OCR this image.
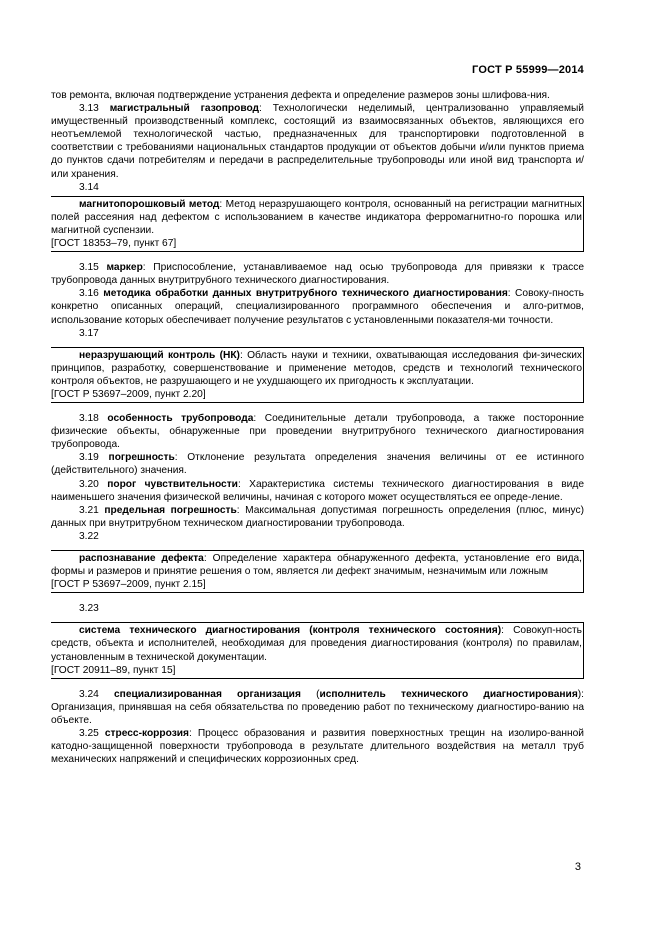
ГОСТ Р 55999—2014

тов ремонта, включая подтверждение устранения дефекта и определение размеров зоны шлифова-ния.

3.13 магистральный газопровод: Технологически неделимый, централизованно управляемый имущественный производственный комплекс, состоящий из взаимосвязанных объектов, являющихся его неотъемлемой технологической частью, предназначенных для транспортировки подготовленной в соответствии с требованиями национальных стандартов продукции от объектов добычи и/или пунктов приема до пунктов сдачи потребителям и передачи в распределительные трубопроводы или иной вид транспорта и/или хранения.

3.14

магнитопорошковый метод: Метод неразрушающего контроля, основанный на регистрации магнитных полей рассеяния над дефектом с использованием в качестве индикатора ферромагнитно-го порошка или магнитной суспензии.

[ГОСТ 18353–79, пункт 67]

3.15 маркер: Приспособление, устанавливаемое над осью трубопровода для привязки к трассе трубопровода данных внутритрубного технического диагностирования.

3.16 методика обработки данных внутритрубного технического диагностирования: Совоку-пность конкретно описанных операций, специализированного программного обеспечения и алго-ритмов, использование которых обеспечивает получение результатов с установленными показателя-ми точности.

3.17

неразрушающий контроль (НК): Область науки и техники, охватывающая исследования фи-зических принципов, разработку, совершенствование и применение методов, средств и технологий технического контроля объектов, не разрушающего и не ухудшающего их пригодность к эксплуатации.

[ГОСТ Р 53697–2009, пункт 2.20]

3.18 особенность трубопровода: Соединительные детали трубопровода, а также посторонние физические объекты, обнаруженные при проведении внутритрубного технического диагностирования трубопровода.

3.19 погрешность: Отклонение результата определения значения величины от ее истинного (действительного) значения.

3.20 порог чувствительности: Характеристика системы технического диагностирования в виде наименьшего значения физической величины, начиная с которого может осуществляться ее опреде-ление.

3.21 предельная погрешность: Максимальная допустимая погрешность определения (плюс, минус) данных при внутритрубном техническом диагностировании трубопровода.

3.22

распознавание дефекта: Определение характера обнаруженного дефекта, установление его вида, формы и размеров и принятие решения о том, является ли дефект значимым, незначимым или ложным

[ГОСТ Р 53697–2009, пункт 2.15]

3.23

система технического диагностирования (контроля технического состояния): Совокуп-ность средств, объекта и исполнителей, необходимая для проведения диагностирования (контроля) по правилам, установленным в технической документации.

[ГОСТ 20911–89, пункт 15]

3.24 специализированная организация (исполнитель технического диагностирования): Организация, принявшая на себя обязательства по проведению работ по техническому диагностиро-ванию на объекте.

3.25 стресс-коррозия: Процесс образования и развития поверхностных трещин на изолиро-ванной катодно-защищенной поверхности трубопровода в результате длительного воздействия на металл труб механических напряжений и специфических коррозионных сред.

3
